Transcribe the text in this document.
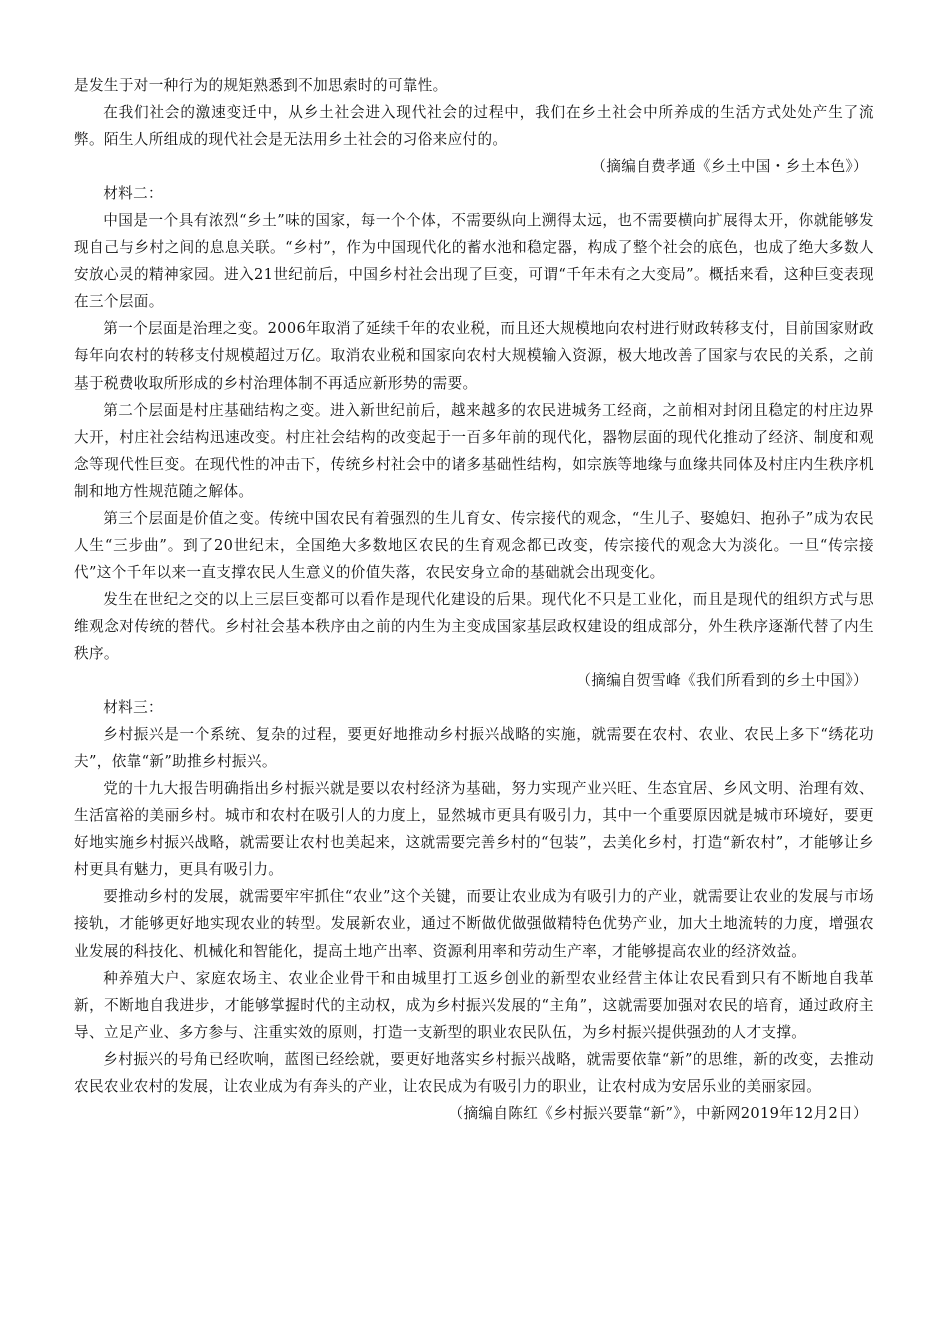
是发生于对一种行为的规矩熟悉到不加思索时的可靠性。

在我们社会的激速变迁中，从乡土社会进入现代社会的过程中，我们在乡土社会中所养成的生活方式处处产生了流弊。陌生人所组成的现代社会是无法用乡土社会的习俗来应付的。

（摘编自费孝通《乡土中国・乡土本色》）

材料二：

中国是一个具有浓烈“乡土”味的国家，每一个个体，不需要纵向上溯得太远，也不需要横向扩展得太开，你就能够发现自己与乡村之间的息息关联。“乡村”，作为中国现代化的蓄水池和稳定器，构成了整个社会的底色，也成了绝大多数人安放心灵的精神家园。进入21世纪前后，中国乡村社会出现了巨变，可谓“千年未有之大变局”。概括来看，这种巨变表现在三个层面。

第一个层面是治理之变。2006年取消了延续千年的农业税，而且还大规模地向农村进行财政转移支付，目前国家财政每年向农村的转移支付规模超过万亿。取消农业税和国家向农村大规模输入资源，极大地改善了国家与农民的关系，之前基于税费收取所形成的乡村治理体制不再适应新形势的需要。

第二个层面是村庄基础结构之变。进入新世纪前后，越来越多的农民进城务工经商，之前相对封闭且稳定的村庄边界大开，村庄社会结构迅速改变。村庄社会结构的改变起于一百多年前的现代化，器物层面的现代化推动了经济、制度和观念等现代性巨变。在现代性的冲击下，传统乡村社会中的诸多基础性结构，如宗族等地缘与血缘共同体及村庄内生秩序机制和地方性规范随之解体。

第三个层面是价值之变。传统中国农民有着强烈的生儿育女、传宗接代的观念，“生儿子、娶媳妇、抱孙子”成为农民人生“三步曲”。到了20世纪末，全国绝大多数地区农民的生育观念都已改变，传宗接代的观念大为淡化。一旦“传宗接代”这个千年以来一直支撑农民人生意义的价值失落，农民安身立命的基础就会出现变化。

发生在世纪之交的以上三层巨变都可以看作是现代化建设的后果。现代化不只是工业化，而且是现代的组织方式与思维观念对传统的替代。乡村社会基本秩序由之前的内生为主变成国家基层政权建设的组成部分，外生秩序逐渐代替了内生秩序。

（摘编自贺雪峰《我们所看到的乡土中国》）

材料三：

乡村振兴是一个系统、复杂的过程，要更好地推动乡村振兴战略的实施，就需要在农村、农业、农民上多下“绣花功夫”，依靠“新”助推乡村振兴。

党的十九大报告明确指出乡村振兴就是要以农村经济为基础，努力实现产业兴旺、生态宜居、乡风文明、治理有效、生活富裕的美丽乡村。城市和农村在吸引人的力度上，显然城市更具有吸引力，其中一个重要原因就是城市环境好，要更好地实施乡村振兴战略，就需要让农村也美起来，这就需要完善乡村的“包装”，去美化乡村，打造“新农村”，才能够让乡村更具有魅力，更具有吸引力。

要推动乡村的发展，就需要牢牢抓住“农业”这个关键，而要让农业成为有吸引力的产业，就需要让农业的发展与市场接轨，才能够更好地实现农业的转型。发展新农业，通过不断做优做强做精特色优势产业，加大土地流转的力度，增强农业发展的科技化、机械化和智能化，提高土地产出率、资源利用率和劳动生产率，才能够提高农业的经济效益。

种养殖大户、家庭农场主、农业企业骨干和由城里打工返乡创业的新型农业经营主体让农民看到只有不断地自我革新，不断地自我进步，才能够掌握时代的主动权，成为乡村振兴发展的“主角”，这就需要加强对农民的培育，通过政府主导、立足产业、多方参与、注重实效的原则，打造一支新型的职业农民队伍，为乡村振兴提供强劲的人才支撑。

乡村振兴的号角已经吹响，蓝图已经绘就，要更好地落实乡村振兴战略，就需要依靠“新”的思维，新的改变，去推动农民农业农村的发展，让农业成为有奔头的产业，让农民成为有吸引力的职业，让农村成为安居乐业的美丽家园。

（摘编自陈红《乡村振兴要靠“新”》，中新网2019年12月2日）
